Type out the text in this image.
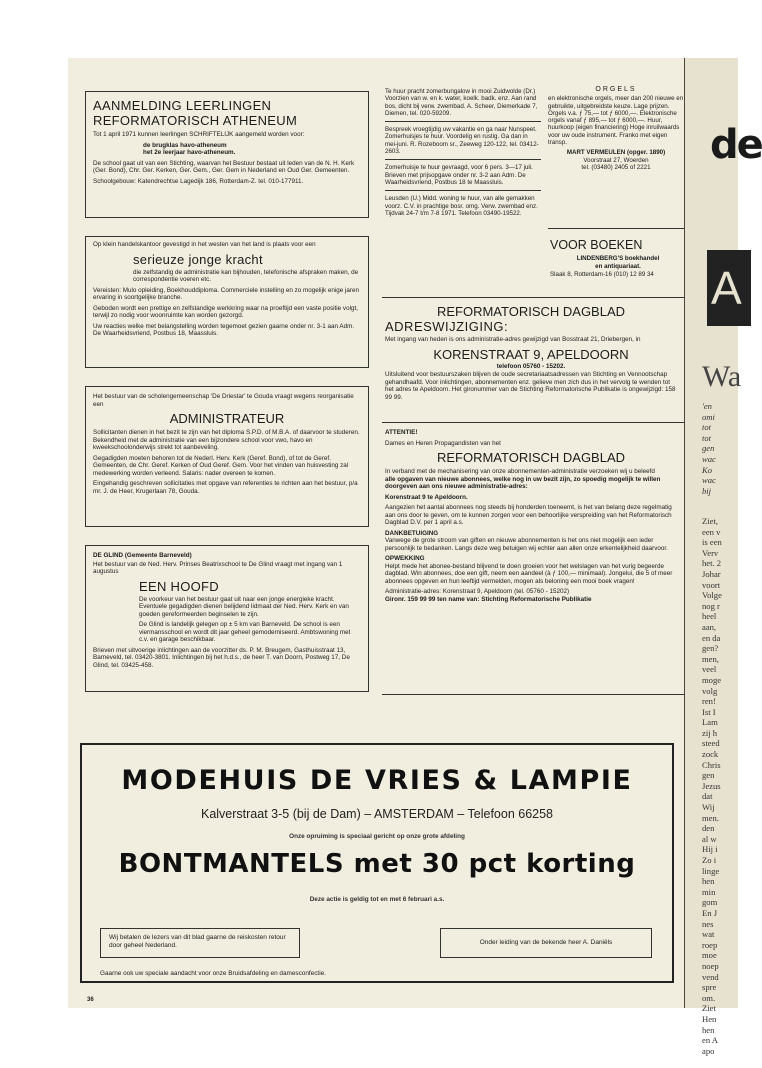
de
A
Wa
'en
omi
tot
tot
gen
wac
Ko
wac
bij
Ziet,
een v
is een
Verv
het. 2
Johar
voort
Volge
nog r
heel
aan,
en da
gen?
men,
veel
moge
volg
ren!
Ist I
Lam
zij h
steed
zock
Chris
gen
Jezus
dat
Wij
men.
den
al w
Hij i
Zo i
linge
hen
min
gom
En J
nes
wat
roep
moe
noep
vend
spre
om.
Ziet
Hen
hen
en A
apo
AANMELDING LEERLINGEN
REFORMATORISCH ATHENEUM

Tot 1 april 1971 kunnen leerlingen SCHRIFTELIJK aangemeld worden voor:

de brugklas havo-atheneum

het 2e leerjaar havo-atheneum.

De school gaat uit van een Stichting, waarvan het Bestuur bestaat uit leden van de N. H. Kerk (Ger. Bond), Chr. Ger. Kerken, Ger. Gem., Ger. Gem in Nederland en Oud Ger. Gemeenten.

Schoolgebouw: Katendrechtse Lagedijk 186, Rotterdam-Z. tel. 010-177911.

Op klein handelskantoor gevestigd in het westen van het land is plaats voor een

serieuze jonge kracht

die zelfstandig de administratie kan bijhouden, telefonische afspraken maken, de correspondentie voeren etc.

Vereisten: Mulo opleiding, Boekhouddiploma. Commerciele instelling en zo mogelijk enige jaren ervaring in soortgelijke branche.

Geboden wordt een prettige en zelfstandige werkkring waar na proeftijd een vaste positie volgt, terwijl zo nodig voor woonruimte kan worden gezorgd.

Uw reacties welke met belangstelling worden tegemoet gezien gaarne onder nr. 3-1 aan Adm. De Waarheidsvriend, Postbus 18, Maassluis.

Het bestuur van de scholengemeenschap 'De Driestar' te Gouda vraagt wegens reorganisatie een

ADMINISTRATEUR

Sollicitanten dienen in het bezit te zijn van het diploma S.P.D. of M.B.A. of daarvoor te studeren. Bekendheid met de administratie van een bijzondere school voor vwo, havo en kweekschoolonderwijs strekt tot aanbeveling.

Gegadigden moeten behoren tot de Nederl. Herv. Kerk (Geref. Bond), of tot de Geref. Gemeenten, de Chr. Geref. Kerken of Oud Geref. Gem. Voor het vinden van huisvesting zal medewerking worden verleend. Salaris: nader overeen te komen.

Eingehandig geschreven sollicitaties met opgave van referenties te richten aan het bestuur, p/a mr. J. de Heer, Krugerlaan 78, Gouda.

DE GLIND (Gemeente Barneveld)

Het bestuur van de Ned. Herv. Prinses Beatrixschool te De Glind vraagt met ingang van 1 augustus

EEN HOOFD

De voorkeur van het bestuur gaat uit naar een jonge energieke kracht. Eventuele gegadigden dienen belijdend lidmaat der Ned. Herv. Kerk en van goeden gereformeerden beginselen te zijn.

De Glind is landelijk gelegen op ± 5 km van Barneveld. De school is een viermansschool en wordt dit jaar geheel gemoderniseerd. Ambtswoning met c.v. en garage beschikbaar.

Brieven met uitvoerige inlichtingen aan de voorzitter ds. P. M. Breugem, Gasthuisstraat 13, Barneveld, tel. 03420-3801. Inlichtingen bij het h.d.s., de heer T. van Doorn, Postweg 17, De Glind, tel. 03425-458.

Te huur pracht zomerbungalow in mooi Zuidwolde (Dr.) Voorzien van w. en k. water, koelk. badk. enz. Aan rand bos, dicht bij verw. zwembad. A. Scheer, Diemerkade 7, Diemen, tel. 020-59209.

Bespreek vroegtijdig uw vakantie en ga naar Nunspeet. Zomerhuisjes te huur. Voordelig en rustig. Ga dan in mei-juni. R. Rozeboom sr., Zeeweg 120-122, tel. 03412-2603.

Zomerhuisje te huur gevraagd, voor 6 pers. 3—17 juli. Brieven met prijsopgave onder nr. 3-2 aan Adm. De Waarheidsvriend, Postbus 18 te Maassluis.

Leusden (U.) Midd. woning te huur, van alle gemakken voorz. C.V. in prachtige bosr. omg. Verw. zwembad enz. Tijdvak 24-7 t/m 7-8 1971. Telefoon 03490-19522.

ORGELS
en elektronische orgels, meer dan 200 nieuwe en gebruikte, uitgebreidste keuze. Lage prijzen. Orgels v.a. ƒ 75,— tot ƒ 6000,—. Elektronische orgels vanaf ƒ 895,— tot ƒ 6000,—. Huur, huurkoop (eigen financiering) Hoge inruilwaards voor uw oude instrument. Franko met eigen transp.
MART VERMEULEN (opger. 1890)
Voorstraat 27, Woerden
tel. (03480) 2405 of 2221
VOOR BOEKEN
LINDENBERG'S boekhandel
en antiquariaat.
Slaak 8, Rotterdam-16 (010) 12 89 34
REFORMATORISCH DAGBLAD
ADRESWIJZIGING:

Met ingang van heden is ons administratie-adres gewijzigd van Bosstraat 21, Driebergen, in

KORENSTRAAT 9, APELDOORN

telefoon 05760 - 15202.

Uitsluitend voor bestuurszaken blijven de oude secretariaatsadressen van Stichting en Vennootschap gehandhaafd. Voor inlichtingen, abonnementen enz. gelieve men zich dus in het vervolg te wenden tot het adres te Apeldoorn. Het gironummer van de Stichting Reformatorische Publikatie is ongewijzigd: 158 99 99.

ATTENTIE!

Dames en Heren Propagandisten van het

REFORMATORISCH DAGBLAD

In verband met de mechanisering van onze abonnementen-administratie verzoeken wij u beleefd

alle opgaven van nieuwe abonnees, welke nog in uw bezit zijn, zo spoedig mogelijk te willen doorgeven aan ons nieuwe administratie-adres:

Korenstraat 9 te Apeldoorn.

Aangezien het aantal abonnees nog steeds bij honderden toeneemt, is het van belang deze regelmatig aan ons door te geven, om te kunnen zorgen voor een behoorlijke verspreiding van het Reformatorisch Dagblad D.V. per 1 april a.s.

DANKBETUIGING

Vanwege de grote stroom van giften en nieuwe abonnementen is het ons niet mogelijk een ieder persoonlijk te bedanken. Langs deze weg betuigen wij echter aan allen onze erkentelijkheid daarvoor.

OPWEKKING

Helpt mede het abonee-bestand blijvend te doen groeien voor het welslagen van het vurig begeerde dagblad. Win abonnees, doe een gift, neem een aandeel (à ƒ 100,— minimaal). Jongelui, die 5 of meer abonnees opgeven en hun leeftijd vermelden, mogen als beloning een mooi boek vragen!

Administratie-adres: Korenstraat 9, Apeldoorn (tel. 05760 - 15202)

Gironr. 159 99 99 ten name van: Stichting Reformatorische Publikatie

MODEHUIS DE VRIES & LAMPIE
Kalverstraat 3-5 (bij de Dam) – AMSTERDAM – Telefoon 66258
Onze opruiming is speciaal gericht op onze grote afdeling
BONTMANTELS met 30 pct korting
Deze actie is geldig tot en met 6 februari a.s.
Wij betalen de lezers van dit blad gaarne de reiskosten retour door geheel Nederland.	Onder leiding van de bekende heer A. Daniëls
Gaarne ook uw speciale aandacht voor onze Bruidsafdeling en damesconfectie.
36
